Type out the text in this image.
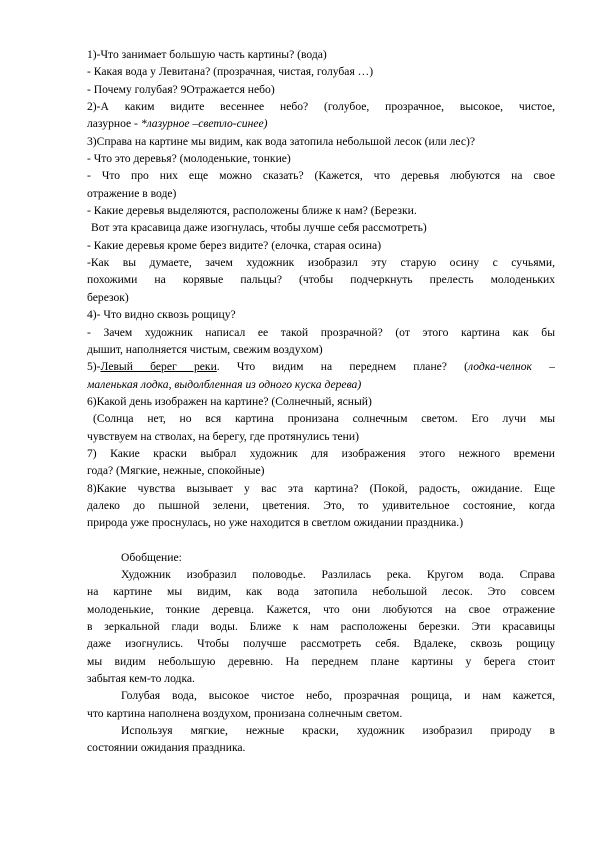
1)-Что занимает большую часть картины? (вода)
- Какая вода у Левитана? (прозрачная, чистая, голубая …)
- Почему голубая? 9Отражается небо)
2)-А каким видите весеннее небо? (голубое, прозрачное, высокое, чистое,
лазурное - *лазурное –светло-синее)
3)Справа на картине мы видим, как вода затопила небольшой лесок (или лес)?
- Что это деревья? (молоденькие, тонкие)
- Что про них еще можно сказать? (Кажется, что деревья любуются на свое
отражение в воде)
- Какие деревья выделяются, расположены ближе к нам? (Березки.
Вот эта красавица даже изогнулась, чтобы лучше себя рассмотреть)
- Какие деревья кроме берез видите? (елочка, старая осина)
-Как вы думаете, зачем художник изобразил эту старую осину с сучьями,
похожими на корявые пальцы? (чтобы подчеркнуть прелесть молоденьких
березок)
4)- Что видно сквозь рощицу?
- Зачем художник написал ее такой прозрачной? (от этого картина как бы
дышит, наполняется чистым, свежим воздухом)
5)-Левый берег реки. Что видим на переднем плане? (лодка-челнок –
маленькая лодка, выдолбленная из одного куска дерева)
6)Какой день изображен на картине? (Солнечный, ясный)
(Солнца нет, но вся картина пронизана солнечным светом. Его лучи мы
чувствуем на стволах, на берегу, где протянулись тени)
7) Какие краски выбрал художник для изображения этого нежного времени
года? (Мягкие, нежные, спокойные)
8)Какие чувства вызывает у вас эта картина? (Покой, радость, ожидание. Еще
далеко до пышной зелени, цветения. Это, то удивительное состояние, когда
природа уже проснулась, но уже находится в светлом ожидании праздника.)
Обобщение:
Художник изобразил половодье. Разлилась река. Кругом вода. Справа
на картине мы видим, как вода затопила небольшой лесок. Это совсем
молоденькие, тонкие деревца. Кажется, что они любуются на свое отражение
в зеркальной глади воды. Ближе к нам расположены березки. Эти красавицы
даже изогнулись. Чтобы получше рассмотреть себя. Вдалеке, сквозь рощицу
мы видим небольшую деревню. На переднем плане картины у берега стоит
забытая кем-то лодка.
Голубая вода, высокое чистое небо, прозрачная рощица, и нам кажется,
что картина наполнена воздухом, пронизана солнечным светом.
Используя мягкие, нежные краски, художник изобразил природу в
состоянии ожидания праздника.
